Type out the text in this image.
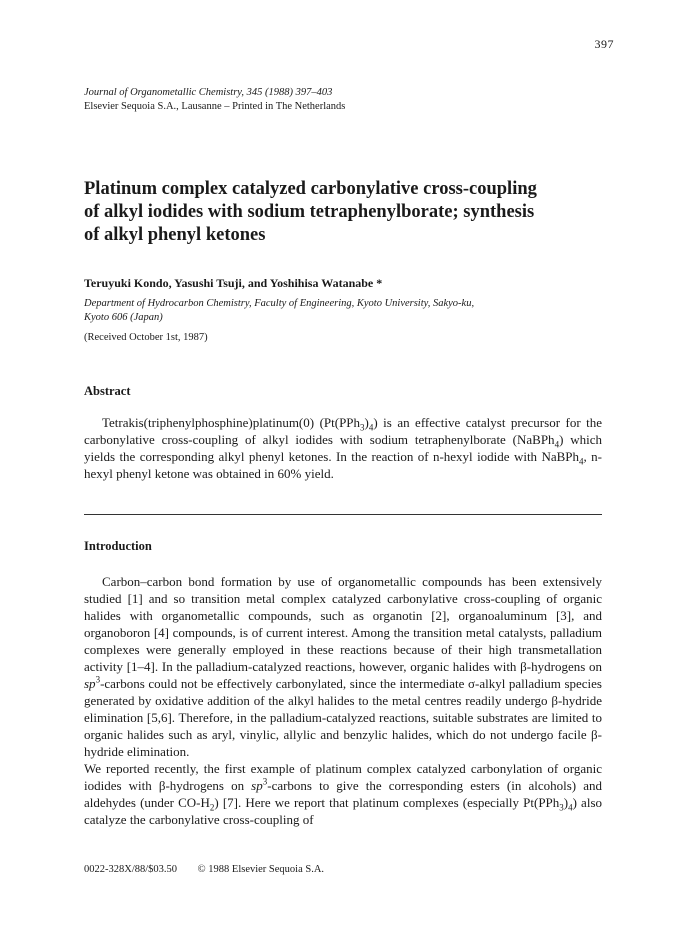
397
Journal of Organometallic Chemistry, 345 (1988) 397–403
Elsevier Sequoia S.A., Lausanne – Printed in The Netherlands
Platinum complex catalyzed carbonylative cross-coupling
of alkyl iodides with sodium tetraphenylborate; synthesis
of alkyl phenyl ketones
Teruyuki Kondo, Yasushi Tsuji, and Yoshihisa Watanabe *
Department of Hydrocarbon Chemistry, Faculty of Engineering, Kyoto University, Sakyo-ku,
Kyoto 606 (Japan)
(Received October 1st, 1987)
Abstract

Tetrakis(triphenylphosphine)platinum(0) $(Pt(PPh_3)_4)$ is an effective catalyst precursor for the carbonylative cross-coupling of alkyl iodides with sodium tetraphenylborate (NaBPh$_4$) which yields the corresponding alkyl phenyl ketones. In the reaction of n-hexyl iodide with NaBPh$_4$, n-hexyl phenyl ketone was obtained in 60% yield.

Introduction

Carbon–carbon bond formation by use of organometallic compounds has been extensively studied [1] and so transition metal complex catalyzed carbonylative cross-coupling of organic halides with organometallic compounds, such as organotin [2], organoaluminum [3], and organoboron [4] compounds, is of current interest. Among the transition metal catalysts, palladium complexes were generally employed in these reactions because of their high transmetallation activity [1–4]. In the palladium-catalyzed reactions, however, organic halides with β-hydrogens on $sp^3$-carbons could not be effectively carbonylated, since the intermediate σ-alkyl palladium species generated by oxidative addition of the alkyl halides to the metal centres readily undergo β-hydride elimination [5,6]. Therefore, in the palladium-catalyzed reactions, suitable substrates are limited to organic halides such as aryl, vinylic, allylic and benzylic halides, which do not undergo facile β-hydride elimination.

We reported recently, the first example of platinum complex catalyzed carbonylation of organic iodides with β-hydrogens on $sp^3$-carbons to give the corresponding esters (in alcohols) and aldehydes (under $CO-H_2$) [7]. Here we report that platinum complexes (especially $Pt(PPh_3)_4$) also catalyze the carbonylative cross-coupling of

0022-328X/88/$03.50 © 1988 Elsevier Sequoia S.A.
